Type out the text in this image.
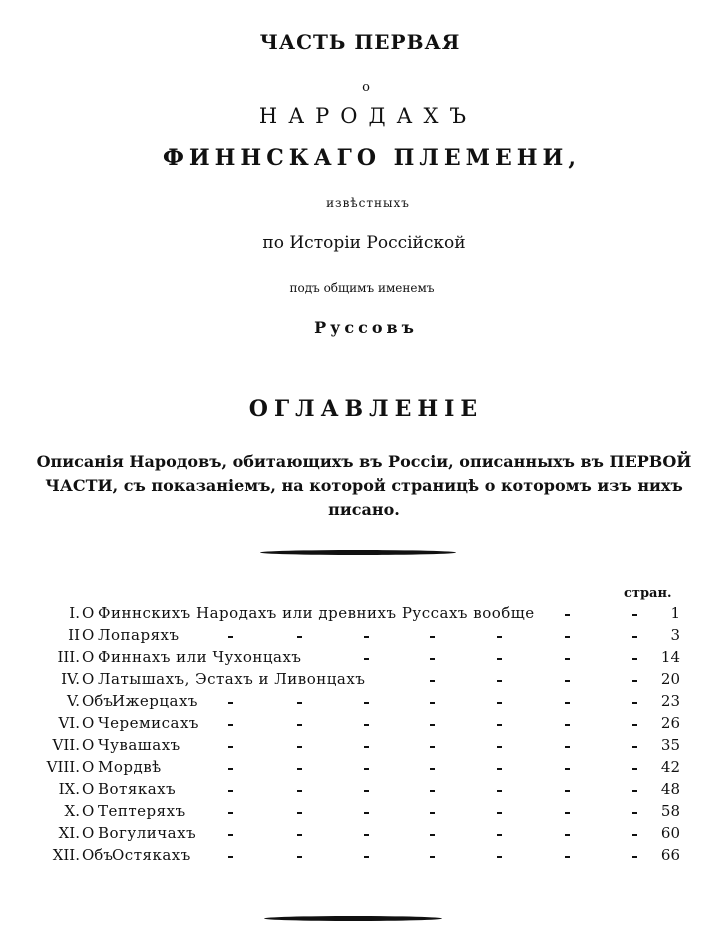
ЧАСТЬ ПЕРВАЯ
о
НАРОДАХЪ
ФИННСКАГО ПЛЕМЕНИ,
извѣстныхъ
по Исторіи Россійской
подъ общимъ именемъ
Руссовъ
ОГЛАВЛЕНІЕ
Описанія Народовъ, обитающихъ въ Россіи, описанныхъ въ ПЕРВОЙ ЧАСТИ, съ показаніемъ, на которой страницѣ о которомъ изъ нихъ писано.
стран.
I. О Финнскихъ Народахъ или древнихъ Руссахъ вообще	1
II О Лопаряхъ	3
III. О Финнахъ или Чухонцахъ	14
IV. О Латышахъ, Эстахъ и Ливонцахъ	20
V. Объ Ижерцахъ	23
VI. О Черемисахъ	26
VII. О Чувашахъ	35
VIII. О Мордвѣ	42
IX. О Вотякахъ	48
X. О Тептеряхъ	58
XI. О Вогуличахъ	60
XII. Объ Остякахъ	66
